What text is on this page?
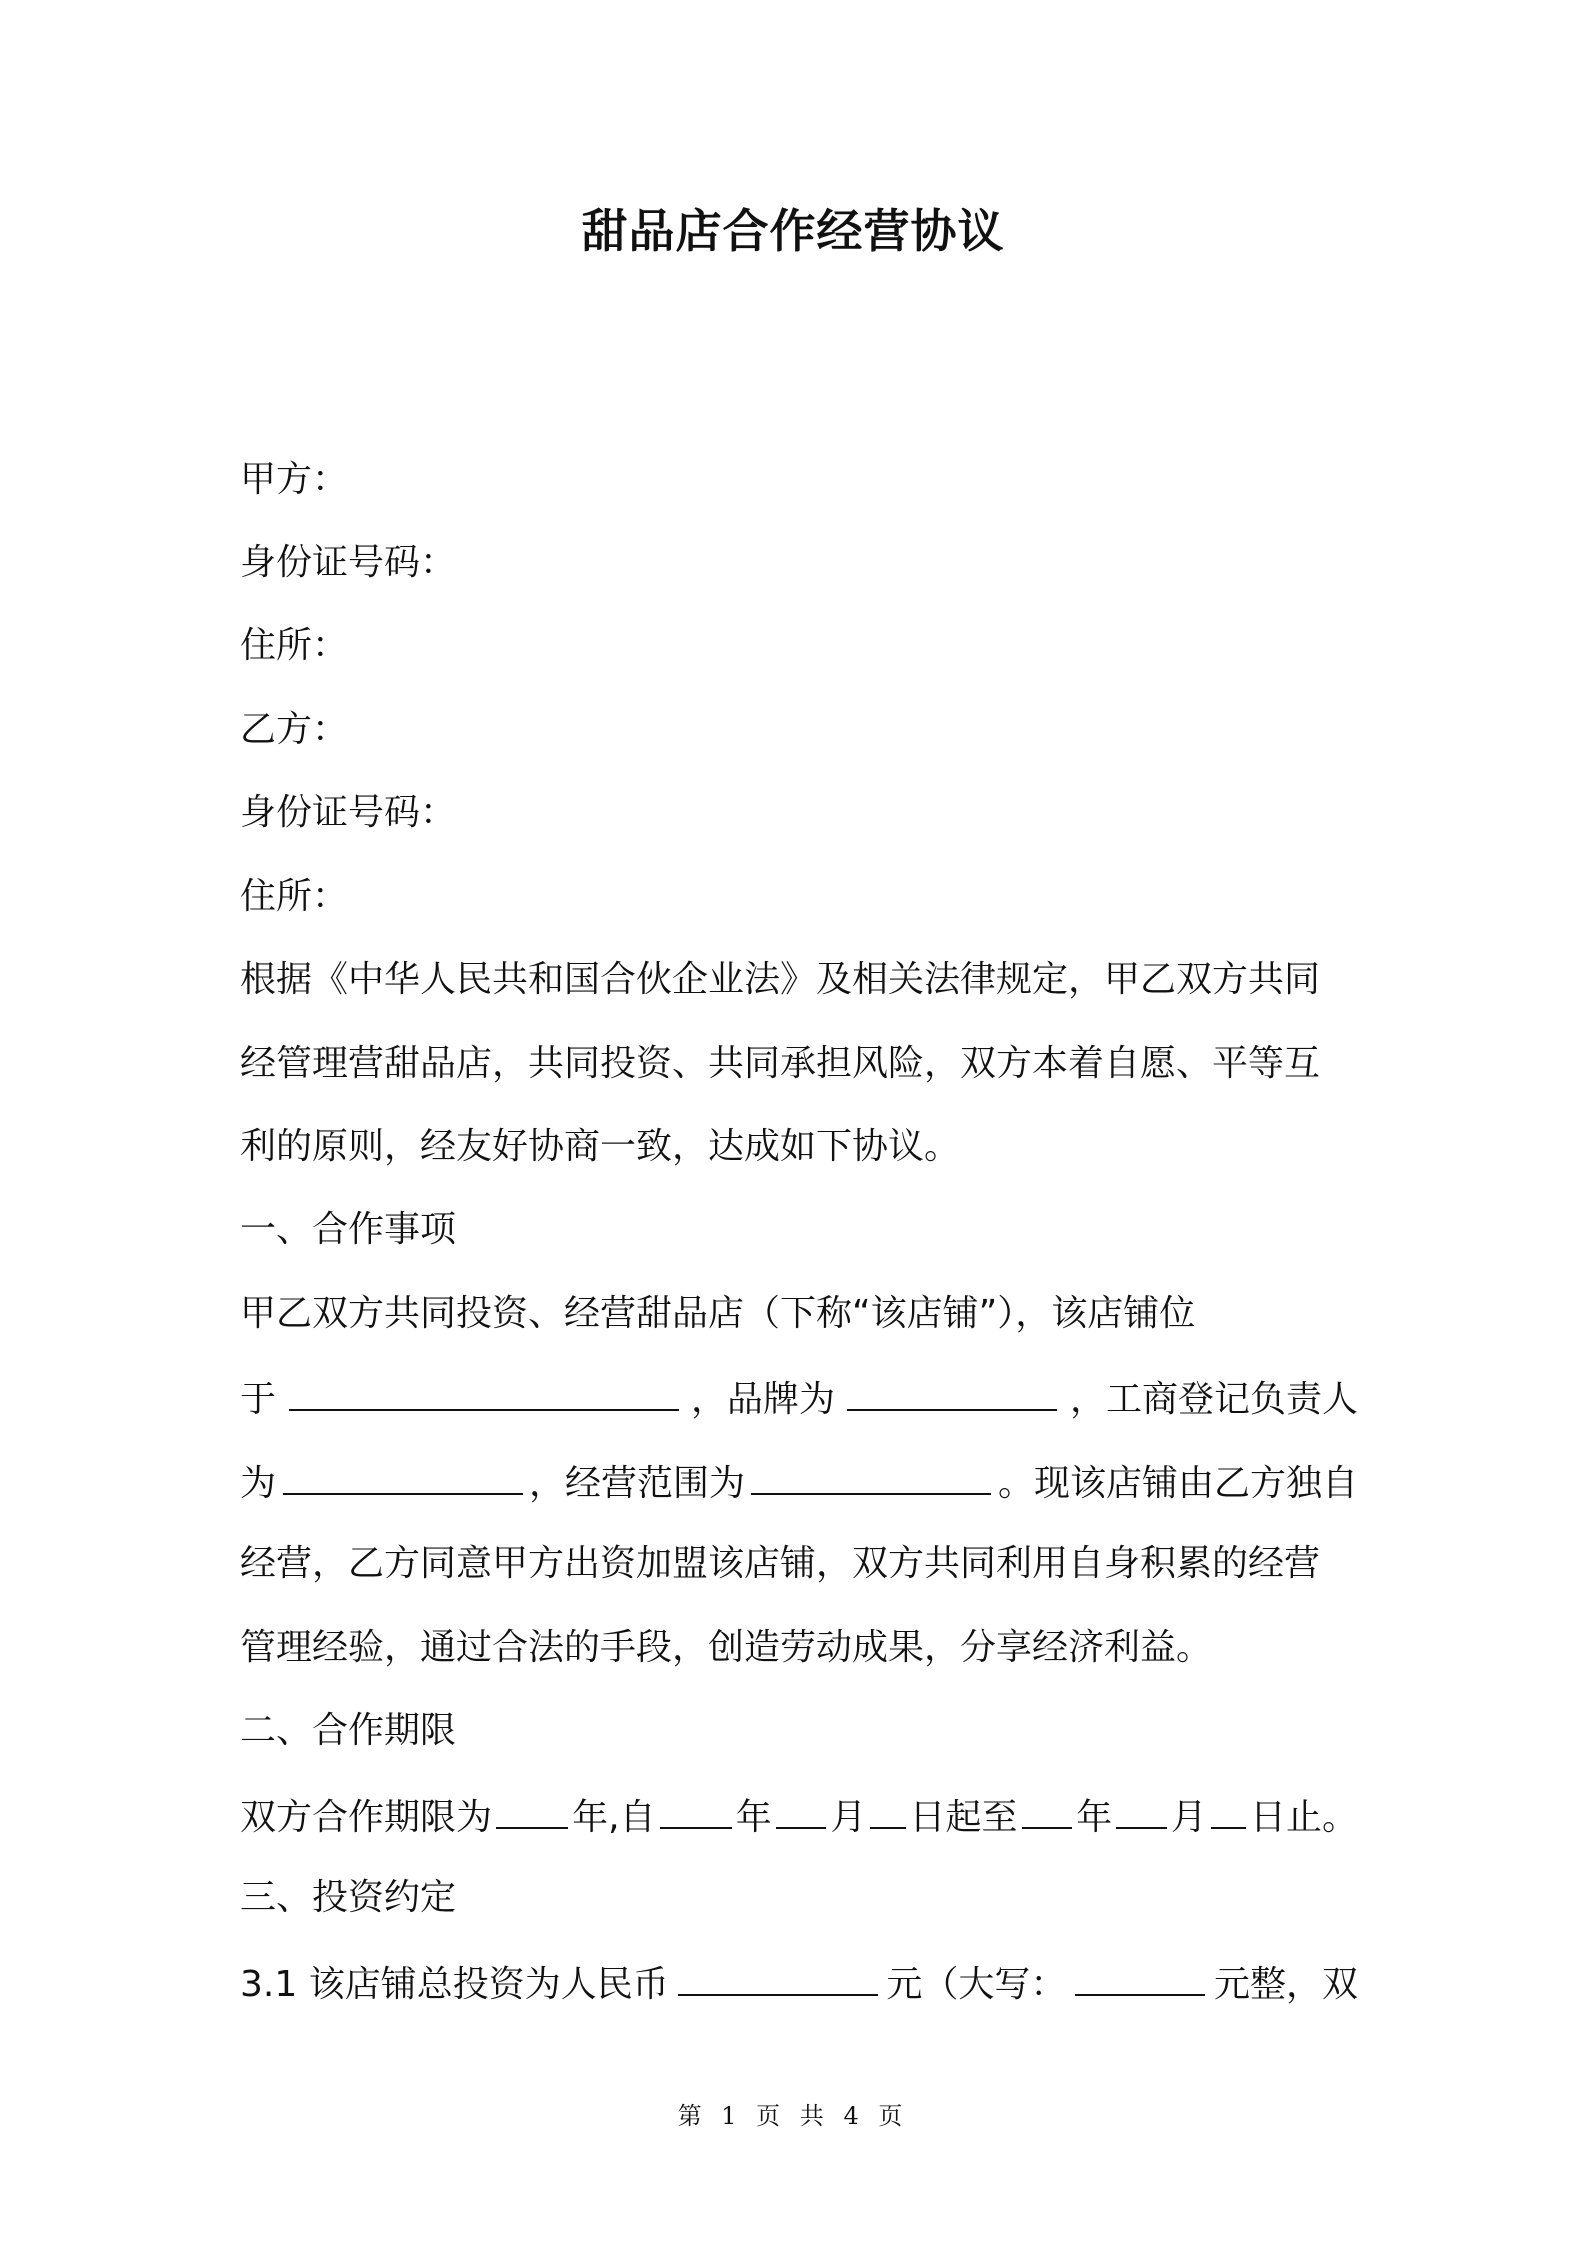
甜品店合作经营协议
甲方：
身份证号码：
住所：
乙方：
身份证号码：
住所：
根据《中华人民共和国合伙企业法》及相关法律规定，甲乙双方共同
经管理营甜品店，共同投资、共同承担风险，双方本着自愿、平等互
利的原则，经友好协商一致，达成如下协议。
一、合作事项
甲乙双方共同投资、经营甜品店（下称“该店铺”），该店铺位
于	，品牌为	，工商登记负责人
为	，经营范围为	。现该店铺由乙方独自
经营，乙方同意甲方出资加盟该店铺，双方共同利用自身积累的经营
管理经验，通过合法的手段，创造劳动成果，分享经济利益。
二、合作期限
双方合作期限为 年,自 年 月 日起至 年 月 日止。
三、投资约定
3.1 该店铺总投资为人民币	元（大写：	元整，双
第 1 页 共 4 页
